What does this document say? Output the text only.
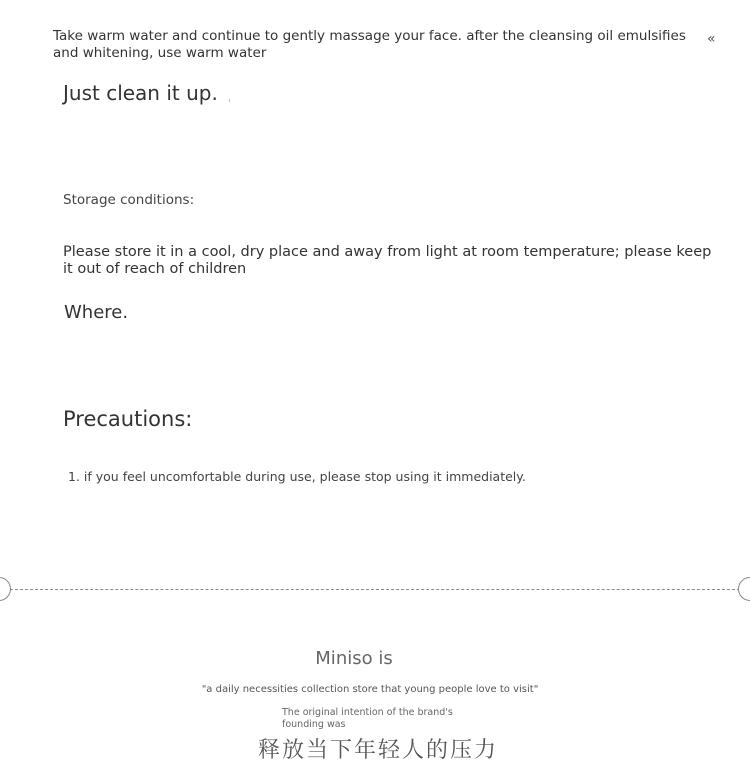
Take warm water and continue to gently massage your face. after the cleansing oil emulsifies and whitening, use warm water
«
Just clean it up.
Storage conditions:
Please store it in a cool, dry place and away from light at room temperature; please keep it out of reach of children
Where.
Precautions:
1. if you feel uncomfortable during use, please stop using it immediately.
Miniso is
"a daily necessities collection store that young people love to visit"
The original intention of the brand's founding was
释放当下年轻人的压力
